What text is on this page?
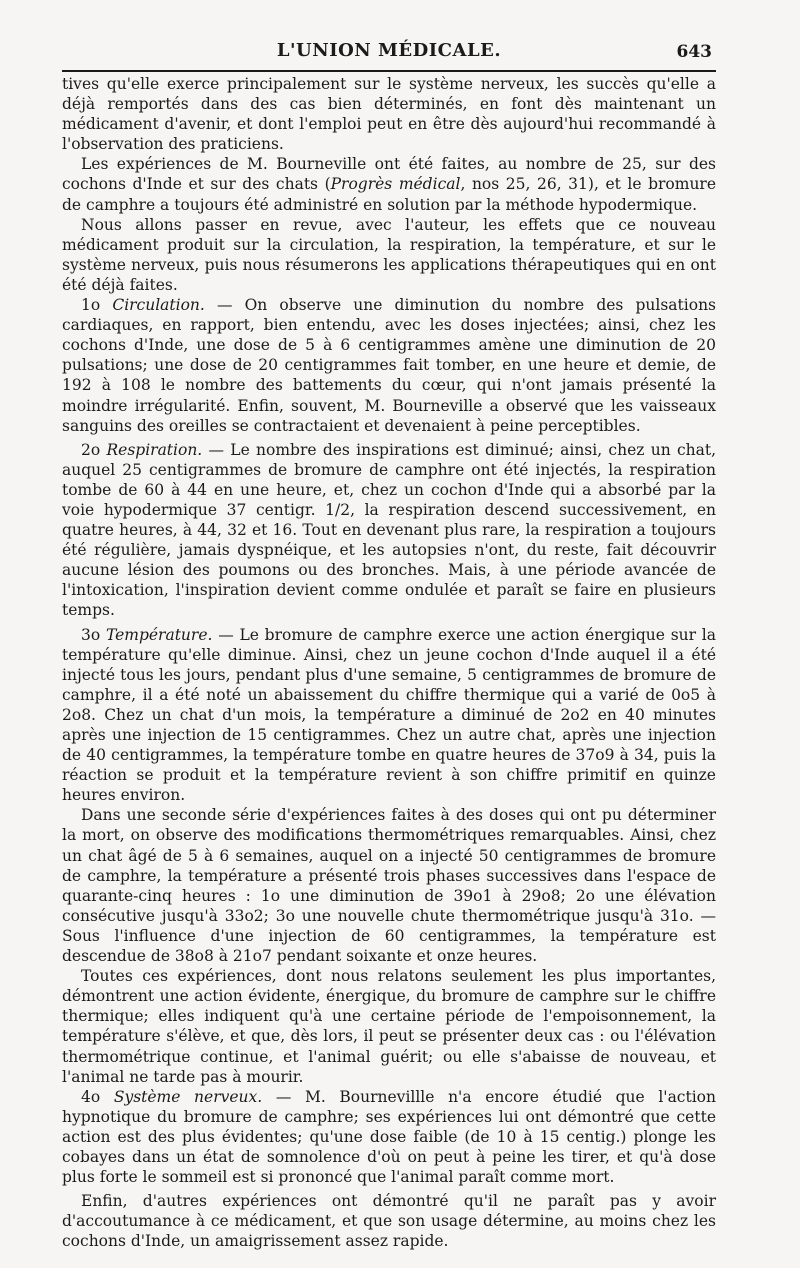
L'UNION MÉDICALE.	643

tives qu'elle exerce principalement sur le système nerveux, les succès qu'elle a déjà remportés dans des cas bien déterminés, en font dès maintenant un médicament d'avenir, et dont l'emploi peut en être dès aujourd'hui recommandé à l'observation des praticiens.

Les expériences de M. Bourneville ont été faites, au nombre de 25, sur des cochons d'Inde et sur des chats (Progrès médical, nos 25, 26, 31), et le bromure de camphre a toujours été administré en solution par la méthode hypodermique.

Nous allons passer en revue, avec l'auteur, les effets que ce nouveau médicament produit sur la circulation, la respiration, la température, et sur le système nerveux, puis nous résumerons les applications thérapeutiques qui en ont été déjà faites.

1o Circulation. — On observe une diminution du nombre des pulsations cardiaques, en rapport, bien entendu, avec les doses injectées; ainsi, chez les cochons d'Inde, une dose de 5 à 6 centigrammes amène une diminution de 20 pulsations; une dose de 20 centigrammes fait tomber, en une heure et demie, de 192 à 108 le nombre des battements du cœur, qui n'ont jamais présenté la moindre irrégularité. Enfin, souvent, M. Bourneville a observé que les vaisseaux sanguins des oreilles se contractaient et devenaient à peine perceptibles.

2o Respiration. — Le nombre des inspirations est diminué; ainsi, chez un chat, auquel 25 centigrammes de bromure de camphre ont été injectés, la respiration tombe de 60 à 44 en une heure, et, chez un cochon d'Inde qui a absorbé par la voie hypodermique 37 centigr. 1/2, la respiration descend successivement, en quatre heures, à 44, 32 et 16. Tout en devenant plus rare, la respiration a toujours été régulière, jamais dyspnéique, et les autopsies n'ont, du reste, fait découvrir aucune lésion des poumons ou des bronches. Mais, à une période avancée de l'intoxication, l'inspiration devient comme ondulée et paraît se faire en plusieurs temps.

3o Température. — Le bromure de camphre exerce une action énergique sur la température qu'elle diminue. Ainsi, chez un jeune cochon d'Inde auquel il a été injecté tous les jours, pendant plus d'une semaine, 5 centigrammes de bromure de camphre, il a été noté un abaissement du chiffre thermique qui a varié de 0o5 à 2o8. Chez un chat d'un mois, la température a diminué de 2o2 en 40 minutes après une injection de 15 centigrammes. Chez un autre chat, après une injection de 40 centigrammes, la température tombe en quatre heures de 37o9 à 34, puis la réaction se produit et la température revient à son chiffre primitif en quinze heures environ.

Dans une seconde série d'expériences faites à des doses qui ont pu déterminer la mort, on observe des modifications thermométriques remarquables. Ainsi, chez un chat âgé de 5 à 6 semaines, auquel on a injecté 50 centigrammes de bromure de camphre, la température a présenté trois phases successives dans l'espace de quarante-cinq heures : 1o une diminution de 39o1 à 29o8; 2o une élévation consécutive jusqu'à 33o2; 3o une nouvelle chute thermométrique jusqu'à 31o. — Sous l'influence d'une injection de 60 centigrammes, la température est descendue de 38o8 à 21o7 pendant soixante et onze heures.

Toutes ces expériences, dont nous relatons seulement les plus importantes, démontrent une action évidente, énergique, du bromure de camphre sur le chiffre thermique; elles indiquent qu'à une certaine période de l'empoisonnement, la température s'élève, et que, dès lors, il peut se présenter deux cas : ou l'élévation thermométrique continue, et l'animal guérit; ou elle s'abaisse de nouveau, et l'animal ne tarde pas à mourir.

4o Système nerveux. — M. Bournevillle n'a encore étudié que l'action hypnotique du bromure de camphre; ses expériences lui ont démontré que cette action est des plus évidentes; qu'une dose faible (de 10 à 15 centig.) plonge les cobayes dans un état de somnolence d'où on peut à peine les tirer, et qu'à dose plus forte le sommeil est si prononcé que l'animal paraît comme mort.

Enfin, d'autres expériences ont démontré qu'il ne paraît pas y avoir d'accoutumance à ce médicament, et que son usage détermine, au moins chez les cochons d'Inde, un amaigrissement assez rapide.
